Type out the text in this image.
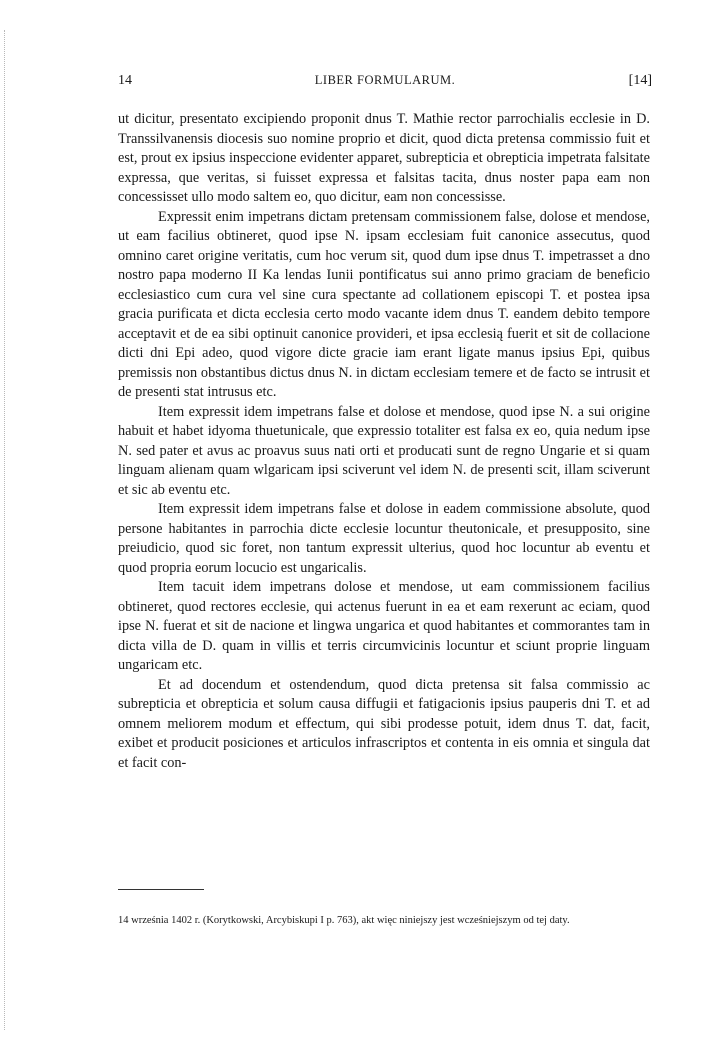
14	LIBER FORMULARUM.	[14]

ut dicitur, presentato excipiendo proponit dnus T. Mathie rector parrochialis ecclesie in D. Transsilvanensis diocesis suo nomine proprio et dicit, quod dicta pretensa commissio fuit et est, prout ex ipsius inspeccione evidenter apparet, subrepticia et obrepticia impetrata falsitate expressa, que veritas, si fuisset expressa et falsitas tacita, dnus noster papa eam non concessisset ullo modo saltem eo, quo dicitur, eam non concessisse.

Expressit enim impetrans dictam pretensam commissionem false, dolose et mendose, ut eam facilius obtineret, quod ipse N. ipsam ecclesiam fuit canonice assecutus, quod omnino caret origine veritatis, cum hoc verum sit, quod dum ipse dnus T. impetrasset a dno nostro papa moderno II Ka lendas Iunii pontificatus sui anno primo graciam de beneficio ecclesiastico cum cura vel sine cura spectante ad collationem episcopi T. et postea ipsa gracia purificata et dicta ecclesia certo modo vacante idem dnus T. eandem debito tempore acceptavit et de ea sibi optinuit canonice provideri, et ipsa ecclesią fuerit et sit de collacione dicti dni Epi adeo, quod vigore dicte gracie iam erant ligate manus ipsius Epi, quibus premissis non obstantibus dictus dnus N. in dictam ecclesiam temere et de facto se intrusit et de presenti stat intrusus etc.

Item expressit idem impetrans false et dolose et mendose, quod ipse N. a sui origine habuit et habet idyoma thuetunicale, que expressio totaliter est falsa ex eo, quia nedum ipse N. sed pater et avus ac proavus suus nati orti et producati sunt de regno Ungarie et si quam linguam alienam quam wlgaricam ipsi sciverunt vel idem N. de presenti scit, illam sciverunt et sic ab eventu etc.

Item expressit idem impetrans false et dolose in eadem commissione absolute, quod persone habitantes in parrochia dicte ecclesie locuntur theutonicale, et presupposito, sine preiudicio, quod sic foret, non tantum expressit ulterius, quod hoc locuntur ab eventu et quod propria eorum locucio est ungaricalis.

Item tacuit idem impetrans dolose et mendose, ut eam commissionem facilius obtineret, quod rectores ecclesie, qui actenus fuerunt in ea et eam rexerunt ac eciam, quod ipse N. fuerat et sit de nacione et lingwa ungarica et quod habitantes et commorantes tam in dicta villa de D. quam in villis et terris circumvicinis locuntur et sciunt proprie linguam ungaricam etc.

Et ad docendum et ostendendum, quod dicta pretensa sit falsa commissio ac subrepticia et obrepticia et solum causa diffugii et fatigacionis ipsius pauperis dni T. et ad omnem meliorem modum et effectum, qui sibi prodesse potuit, idem dnus T. dat, facit, exibet et producit posiciones et articulos infrascriptos et contenta in eis omnia et singula dat et facit con-

14 września 1402 r. (Korytkowski, Arcybiskupi I p. 763), akt więc niniejszy jest wcześniejszym od tej daty.
